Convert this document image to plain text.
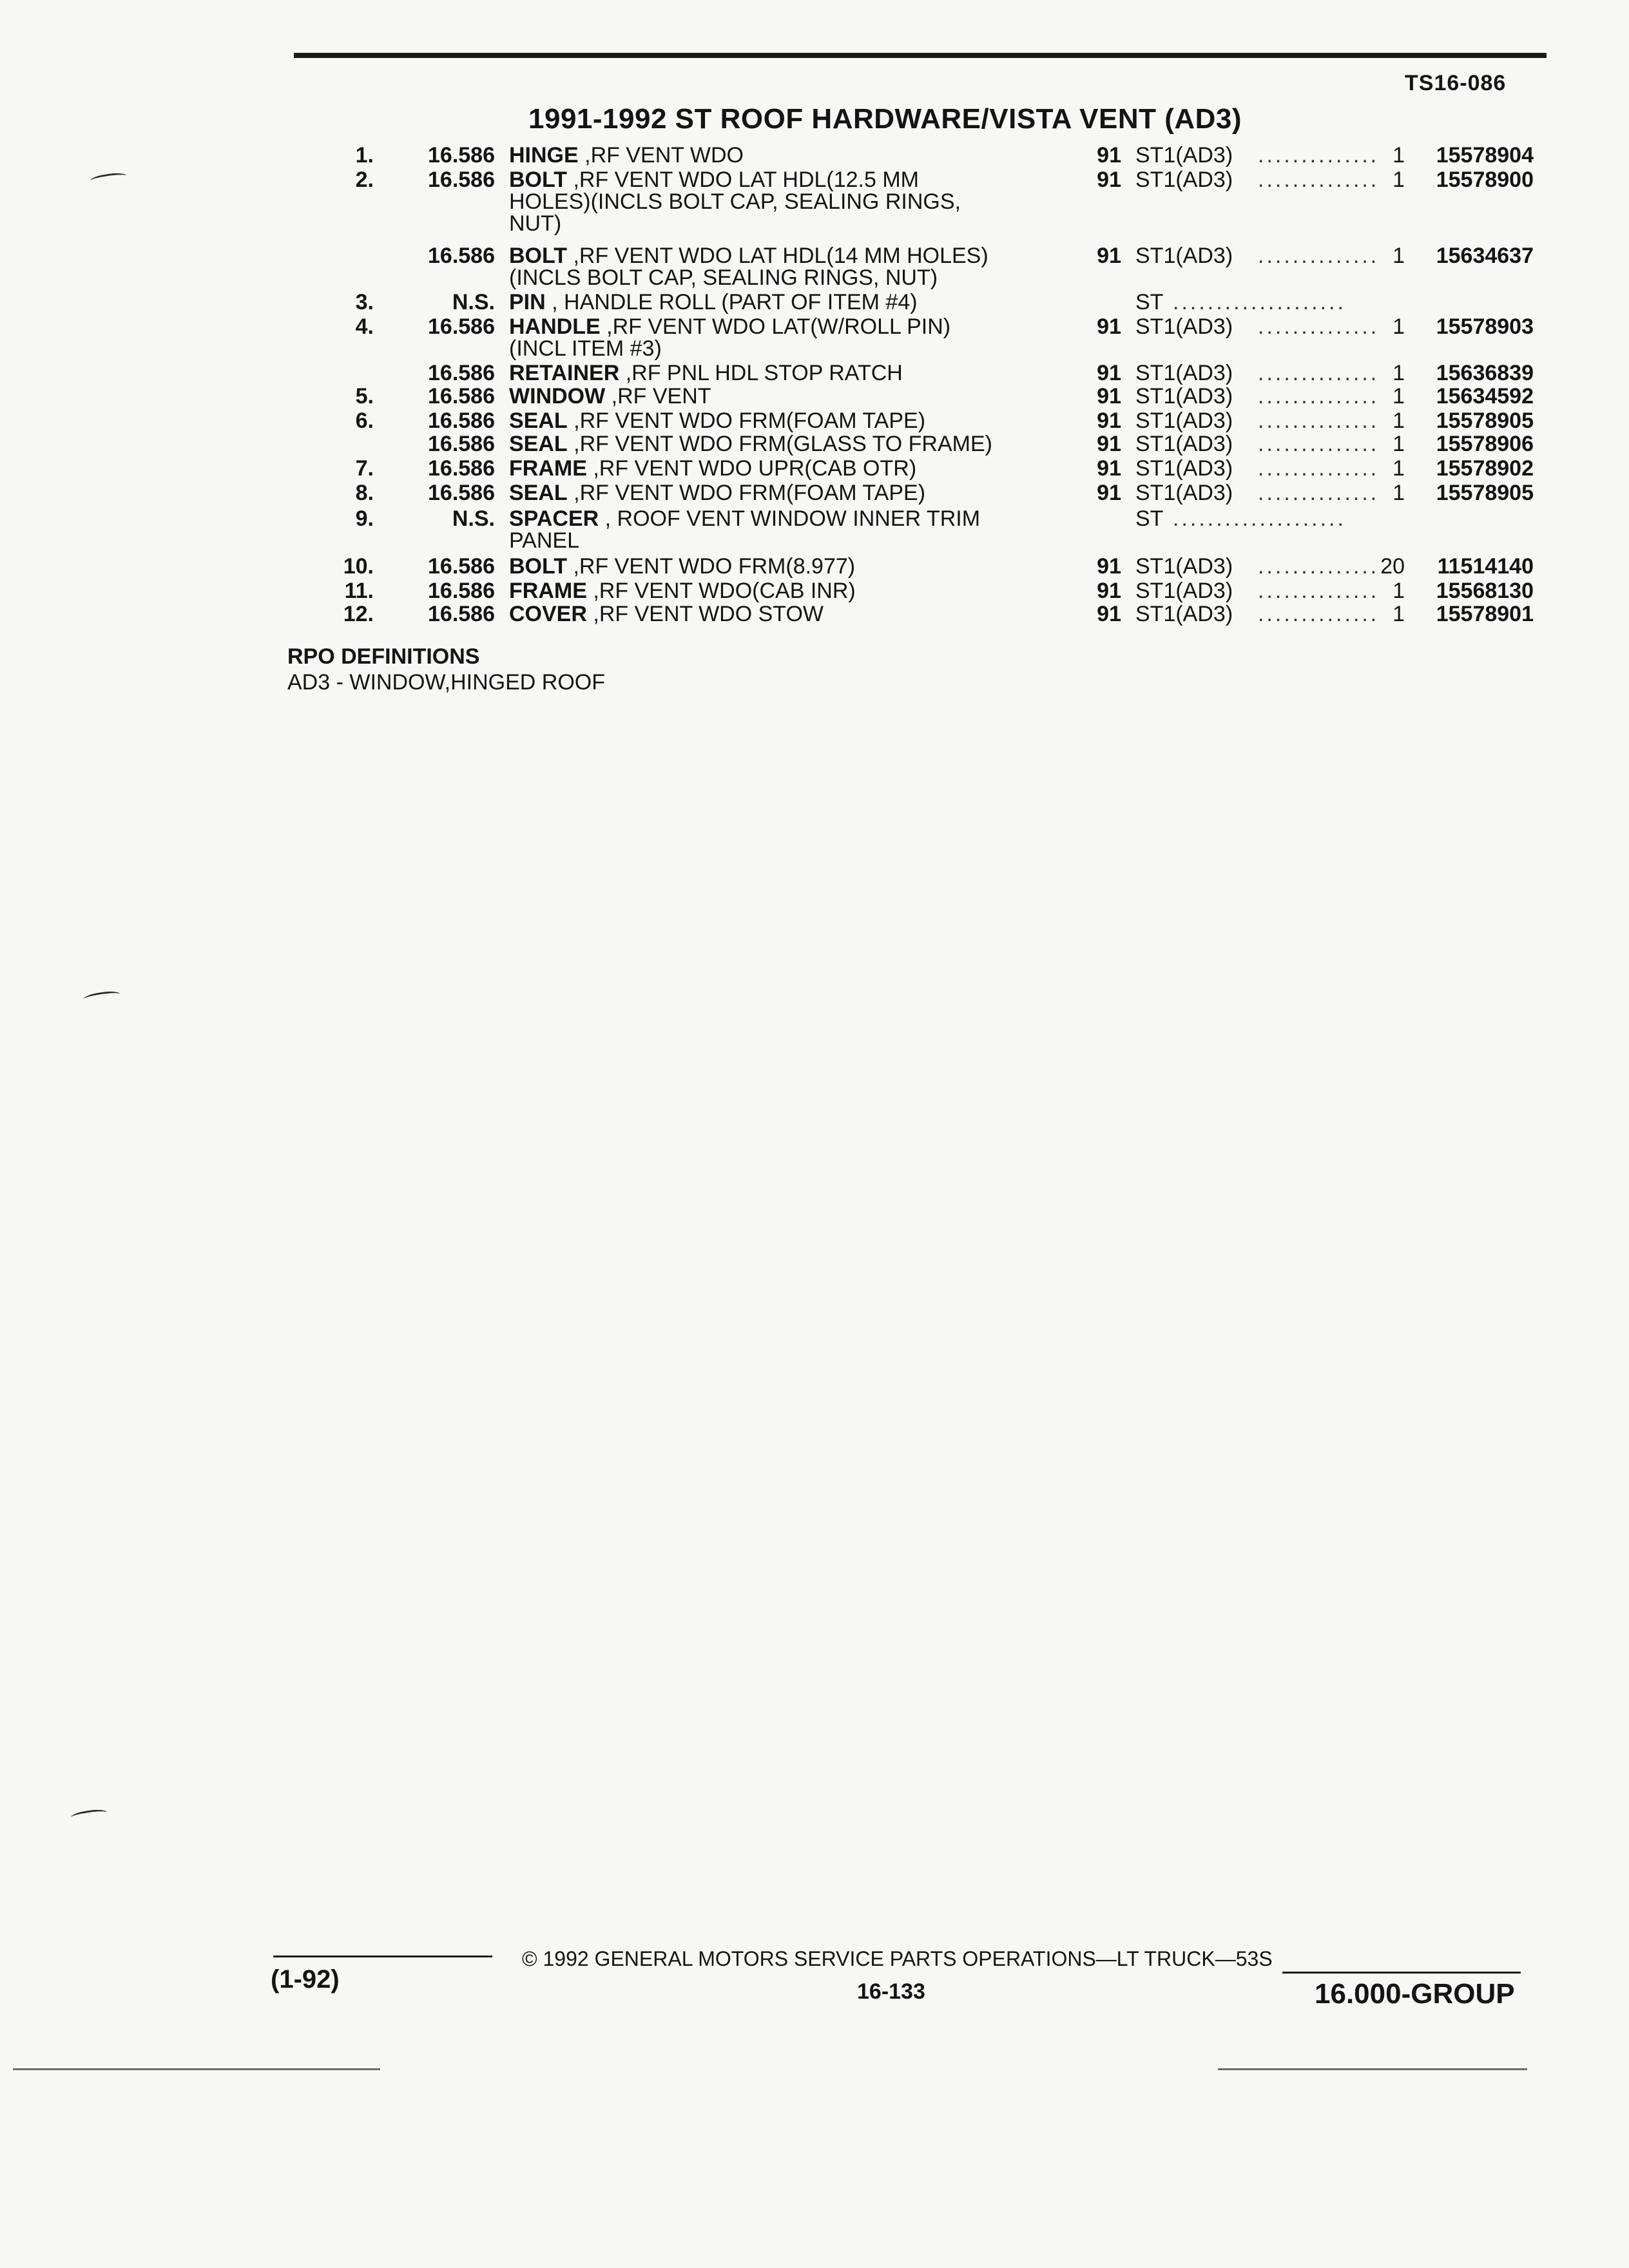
TS16-086
1991-1992 ST ROOF HARDWARE/VISTA VENT (AD3)
1.	16.586 HINGE ,RF VENT WDO	91 ST1(AD3) .............. 1	15578904
2.	16.586 BOLT ,RF VENT WDO LAT HDL(12.5 MM	91 ST1(AD3) .............. 1	15578900
HOLES)(INCLS BOLT CAP, SEALING RINGS,
NUT)
16.586 BOLT ,RF VENT WDO LAT HDL(14 MM HOLES)	91 ST1(AD3) .............. 1	15634637
(INCLS BOLT CAP, SEALING RINGS, NUT)
3.	N.S. PIN , HANDLE ROLL (PART OF ITEM #4)	ST ....................
4.	16.586 HANDLE ,RF VENT WDO LAT(W/ROLL PIN)	91 ST1(AD3) .............. 1	15578903
(INCL ITEM #3)
16.586 RETAINER ,RF PNL HDL STOP RATCH	91 ST1(AD3) .............. 1	15636839
5.	16.586 WINDOW ,RF VENT	91 ST1(AD3) .............. 1	15634592
6.	16.586 SEAL ,RF VENT WDO FRM(FOAM TAPE)	91 ST1(AD3) .............. 1	15578905
16.586 SEAL ,RF VENT WDO FRM(GLASS TO FRAME)	91 ST1(AD3) .............. 1	15578906
7.	16.586 FRAME ,RF VENT WDO UPR(CAB OTR)	91 ST1(AD3) .............. 1	15578902
8.	16.586 SEAL ,RF VENT WDO FRM(FOAM TAPE)	91 ST1(AD3) .............. 1	15578905
9.	N.S. SPACER , ROOF VENT WINDOW INNER TRIM	ST ....................
PANEL
10.	16.586 BOLT ,RF VENT WDO FRM(8.977)	91 ST1(AD3) .............. 20	11514140
11.	16.586 FRAME ,RF VENT WDO(CAB INR)	91 ST1(AD3) .............. 1	15568130
12.	16.586 COVER ,RF VENT WDO STOW	91 ST1(AD3) .............. 1	15578901
RPO DEFINITIONS
AD3 - WINDOW,HINGED ROOF
(1-92)
© 1992 GENERAL MOTORS SERVICE PARTS OPERATIONS—LT TRUCK—53S
16-133	16.000-GROUP
